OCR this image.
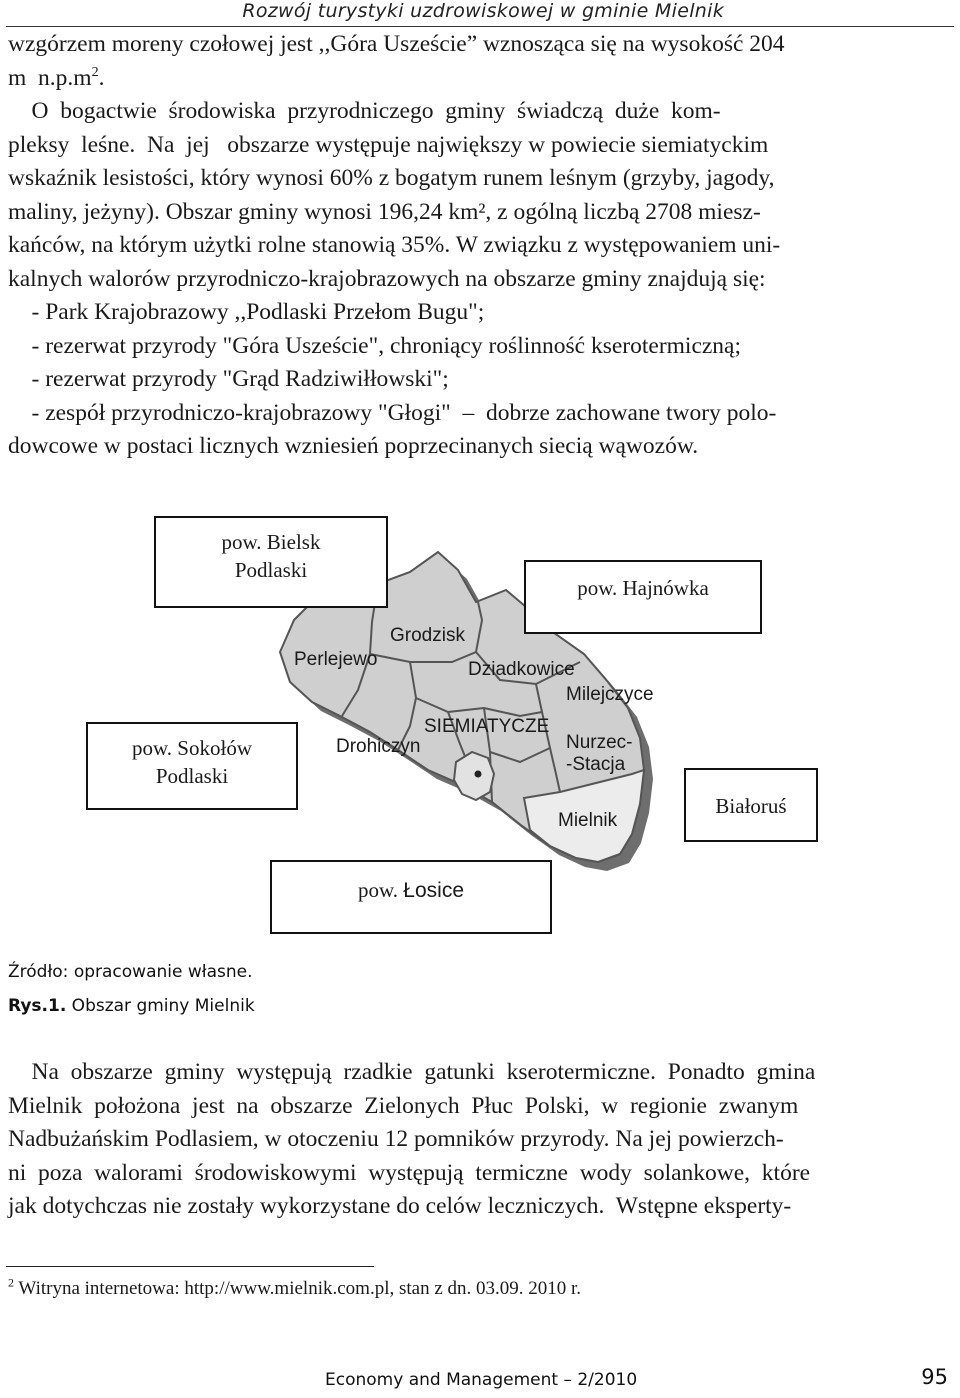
Rozwój turystyki uzdrowiskowej w gminie Mielnik
wzgórzem moreny czołowej jest ,,Góra Uszeście” wznosząca się na wysokość 204
m  $n.p.m^2$.
O  bogactwie  środowiska  przyrodniczego  gminy  świadczą  duże  kom-
pleksy  leśne.  Na  jej   obszarze występuje największy w powiecie siemiatyckim
wskaźnik lesistości, który wynosi 60% z bogatym runem leśnym (grzyby, jagody,
maliny, jeżyny). Obszar gminy wynosi 196,24 km², z ogólną liczbą 2708 miesz-
kańców, na którym użytki rolne stanowią 35%. W związku z występowaniem uni-
kalnych walorów przyrodniczo-krajobrazowych na obszarze gminy znajdują się:
- Park Krajobrazowy ,,Podlaski Przełom Bugu";
- rezerwat przyrody "Góra Uszeście", chroniący roślinność kserotermiczną;
- rezerwat przyrody "Grąd Radziwiłłowski";
- zespół przyrodniczo-krajobrazowy "Głogi"  –  dobrze zachowane twory polo-
dowcowe w postaci licznych wzniesień poprzecinanych siecią wąwozów.
pow. Bielsk
Podlaski
pow. Hajnówka
pow. Sokołów
Podlaski
Białoruś
pow. Łosice
Perlejewo
Grodzisk
Dziadkowice
Milejczyce
SIEMIATYCZE
Drohiczyn	Nurzec-
-Stacja
Mielnik
Źródło: opracowanie własne.
Rys.1. Obszar gminy Mielnik
Na  obszarze  gminy  występują  rzadkie  gatunki  kserotermiczne.  Ponadto  gmina
Mielnik  położona  jest  na  obszarze  Zielonych  Płuc  Polski,  w  regionie  zwanym
Nadbużańskim Podlasiem, w otoczeniu 12 pomników przyrody. Na jej powierzch-
ni  poza  walorami  środowiskowymi  występują  termiczne  wody  solankowe,  które
jak dotychczas nie zostały wykorzystane do celów leczniczych.  Wstępne eksperty-
$^2$ Witryna internetowa: http://www.mielnik.com.pl, stan z dn. 03.09. 2010 r.
Economy and Management – 2/2010	95
